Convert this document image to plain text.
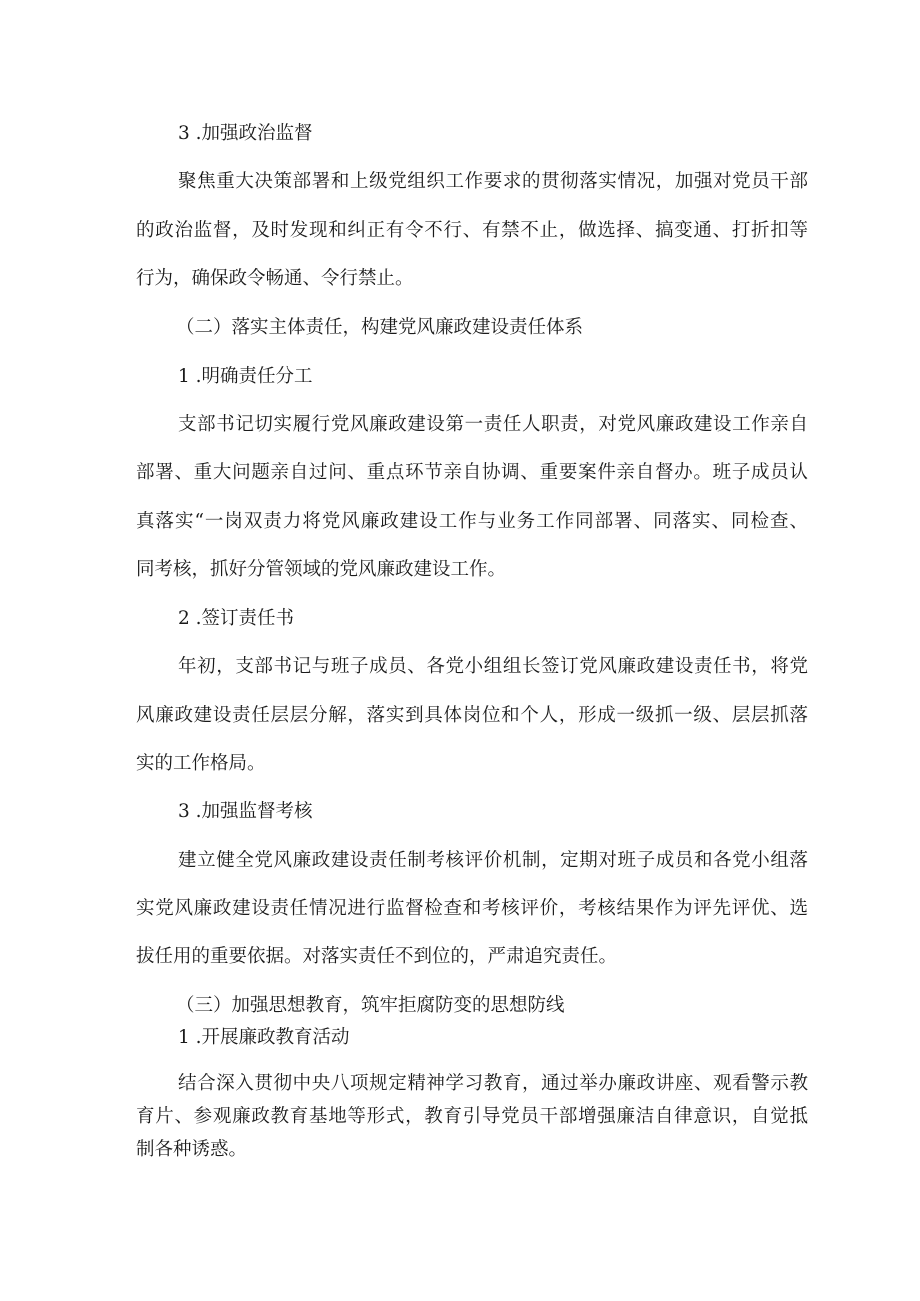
3 .加强政治监督
聚焦重大决策部署和上级党组织工作要求的贯彻落实情况，加强对党员干部
的政治监督，及时发现和纠正有令不行、有禁不止，做选择、搞变通、打折扣等
行为，确保政令畅通、令行禁止。
（二）落实主体责任，构建党风廉政建设责任体系
1 .明确责任分工
支部书记切实履行党风廉政建设第一责任人职责，对党风廉政建设工作亲自
部署、重大问题亲自过问、重点环节亲自协调、重要案件亲自督办。班子成员认
真落实“一岗双责力将党风廉政建设工作与业务工作同部署、同落实、同检查、
同考核，抓好分管领域的党风廉政建设工作。
2 .签订责任书
年初，支部书记与班子成员、各党小组组长签订党风廉政建设责任书，将党
风廉政建设责任层层分解，落实到具体岗位和个人，形成一级抓一级、层层抓落
实的工作格局。
3 .加强监督考核
建立健全党风廉政建设责任制考核评价机制，定期对班子成员和各党小组落
实党风廉政建设责任情况进行监督检查和考核评价，考核结果作为评先评优、选
拔任用的重要依据。对落实责任不到位的，严肃追究责任。
（三）加强思想教育，筑牢拒腐防变的思想防线
1 .开展廉政教育活动
结合深入贯彻中央八项规定精神学习教育，通过举办廉政讲座、观看警示教
育片、参观廉政教育基地等形式，教育引导党员干部增强廉洁自律意识，自觉抵
制各种诱惑。
